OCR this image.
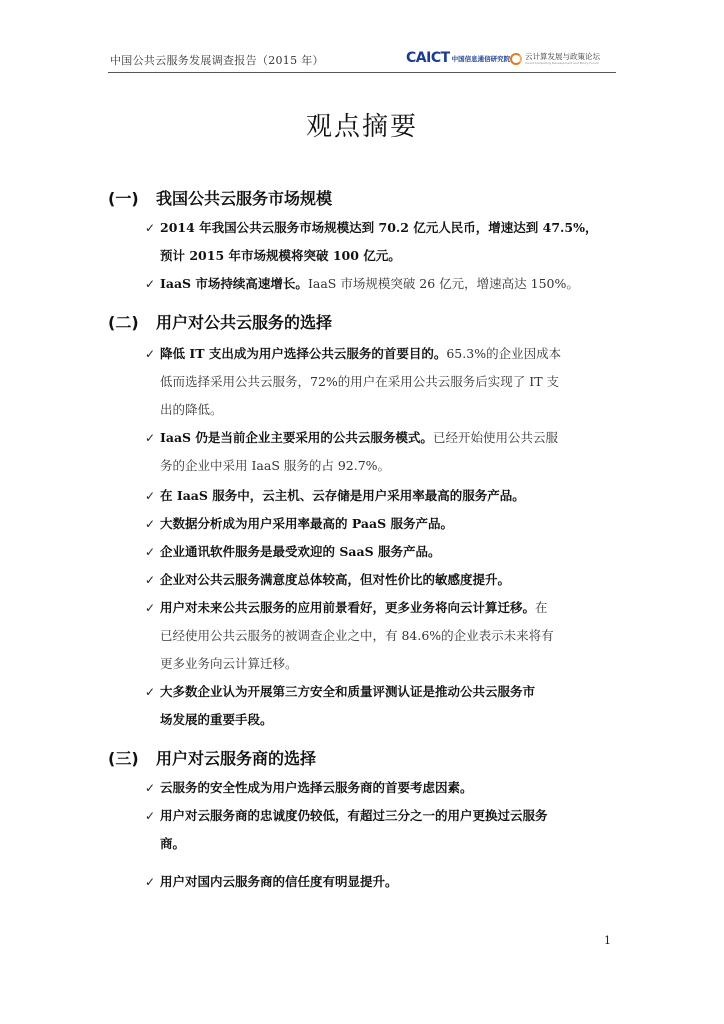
中国公共云服务发展调查报告（2015 年）	CAICT 中国信息通信研究院 云计算发展与政策论坛
Cloud Computing Development and Policy Forum
观点摘要
(一)	我国公共云服务市场规模
✓ 2014 年我国公共云服务市场规模达到 70.2 亿元人民币，增速达到 47.5%，
预计 2015 年市场规模将突破 100 亿元。
✓ IaaS 市场持续高速增长。IaaS 市场规模突破 26 亿元，增速高达 150%。
(二)	用户对公共云服务的选择
✓ 降低 IT 支出成为用户选择公共云服务的首要目的。65.3%的企业因成本
低而选择采用公共云服务，72%的用户在采用公共云服务后实现了 IT 支
出的降低。
✓ IaaS 仍是当前企业主要采用的公共云服务模式。已经开始使用公共云服
务的企业中采用 IaaS 服务的占 92.7%。
✓ 在 IaaS 服务中，云主机、云存储是用户采用率最高的服务产品。
✓ 大数据分析成为用户采用率最高的 PaaS 服务产品。
✓ 企业通讯软件服务是最受欢迎的 SaaS 服务产品。
✓ 企业对公共云服务满意度总体较高，但对性价比的敏感度提升。
✓ 用户对未来公共云服务的应用前景看好，更多业务将向云计算迁移。在
已经使用公共云服务的被调查企业之中，有 84.6%的企业表示未来将有
更多业务向云计算迁移。
✓ 大多数企业认为开展第三方安全和质量评测认证是推动公共云服务市
场发展的重要手段。
(三)	用户对云服务商的选择
✓ 云服务的安全性成为用户选择云服务商的首要考虑因素。
✓ 用户对云服务商的忠诚度仍较低，有超过三分之一的用户更换过云服务
商。
✓ 用户对国内云服务商的信任度有明显提升。
1
